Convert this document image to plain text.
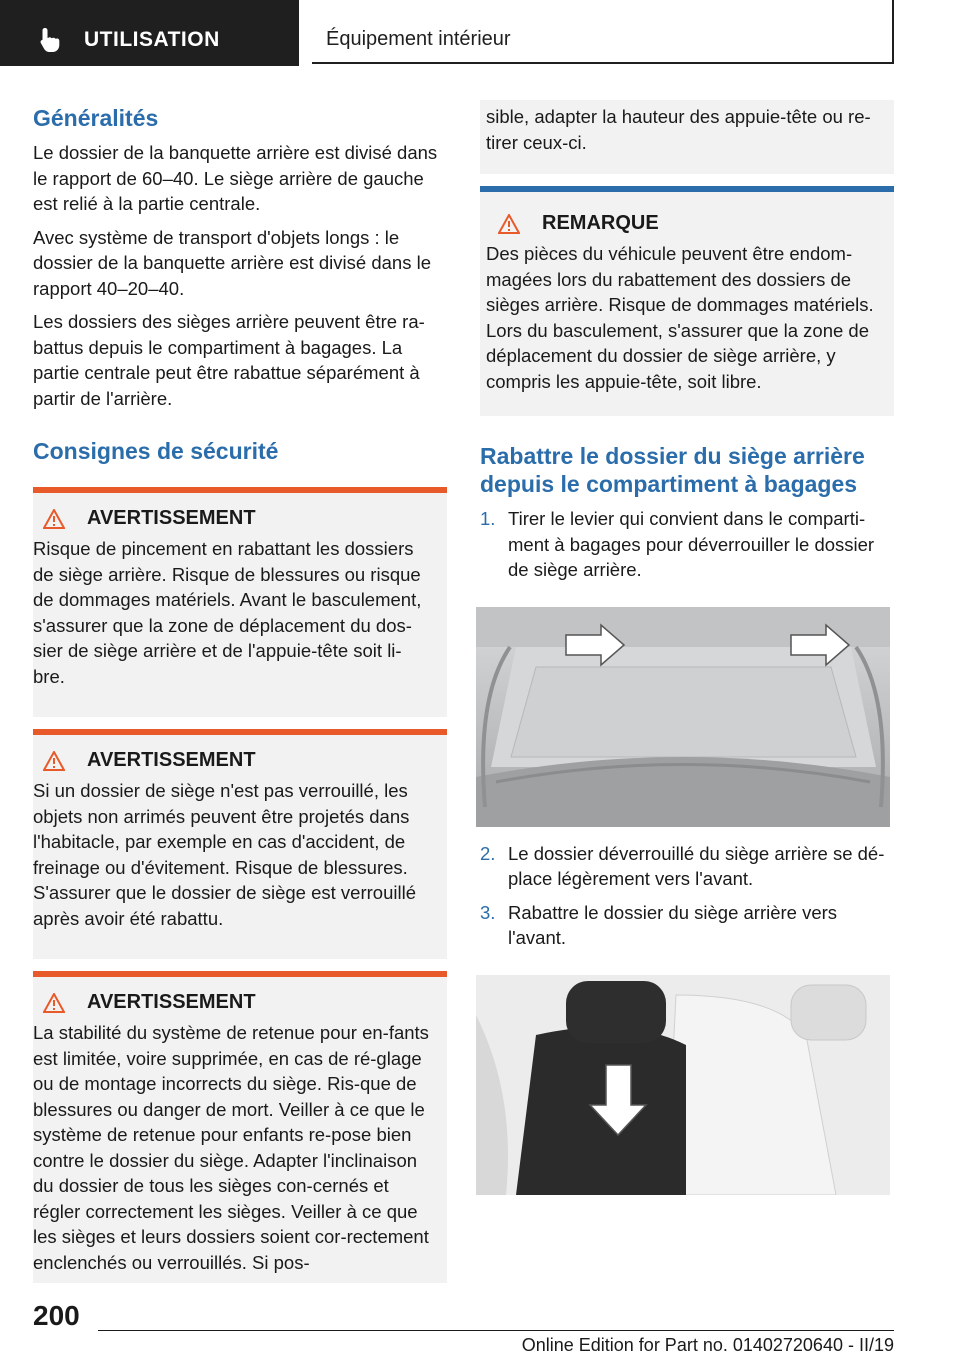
UTILISATION	Équipement intérieur
Généralités

Le dossier de la banquette arrière est divisé dans le rapport de 60–40. Le siège arrière de gauche est relié à la partie centrale.

Avec système de transport d'objets longs : le dossier de la banquette arrière est divisé dans le rapport 40–20–40.

Les dossiers des sièges arrière peuvent être ra-battus depuis le compartiment à bagages. La partie centrale peut être rabattue séparément à partir de l'arrière.

Consignes de sécurité
AVERTISSEMENT

Risque de pincement en rabattant les dossiers de siège arrière. Risque de blessures ou risque de dommages matériels. Avant le basculement, s'assurer que la zone de déplacement du dos-sier de siège arrière et de l'appuie-tête soit li-bre.

AVERTISSEMENT

Si un dossier de siège n'est pas verrouillé, les objets non arrimés peuvent être projetés dans l'habitacle, par exemple en cas d'accident, de freinage ou d'évitement. Risque de blessures. S'assurer que le dossier de siège est verrouillé après avoir été rabattu.

AVERTISSEMENT

La stabilité du système de retenue pour en-fants est limitée, voire supprimée, en cas de ré-glage ou de montage incorrects du siège. Ris-que de blessures ou danger de mort. Veiller à ce que le système de retenue pour enfants re-pose bien contre le dossier du siège. Adapter l'inclinaison du dossier de tous les sièges con-cernés et régler correctement les sièges. Veiller à ce que les sièges et leurs dossiers soient cor-rectement enclenchés ou verrouillés. Si pos-

sible, adapter la hauteur des appuie-tête ou re-tirer ceux-ci.

REMARQUE

Des pièces du véhicule peuvent être endom-magées lors du rabattement des dossiers de sièges arrière. Risque de dommages matériels. Lors du basculement, s'assurer que la zone de déplacement du dossier de siège arrière, y compris les appuie-tête, soit libre.

Rabattre le dossier du siège arrière depuis le compartiment à bagages
1. Tirer le levier qui convient dans le comparti-ment à bagages pour déverrouiller le dossier de siège arrière.
2. Le dossier déverrouillé du siège arrière se dé-place légèrement vers l'avant.
3. Rabattre le dossier du siège arrière vers l'avant.
200
Online Edition for Part no. 01402720640 - II/19
